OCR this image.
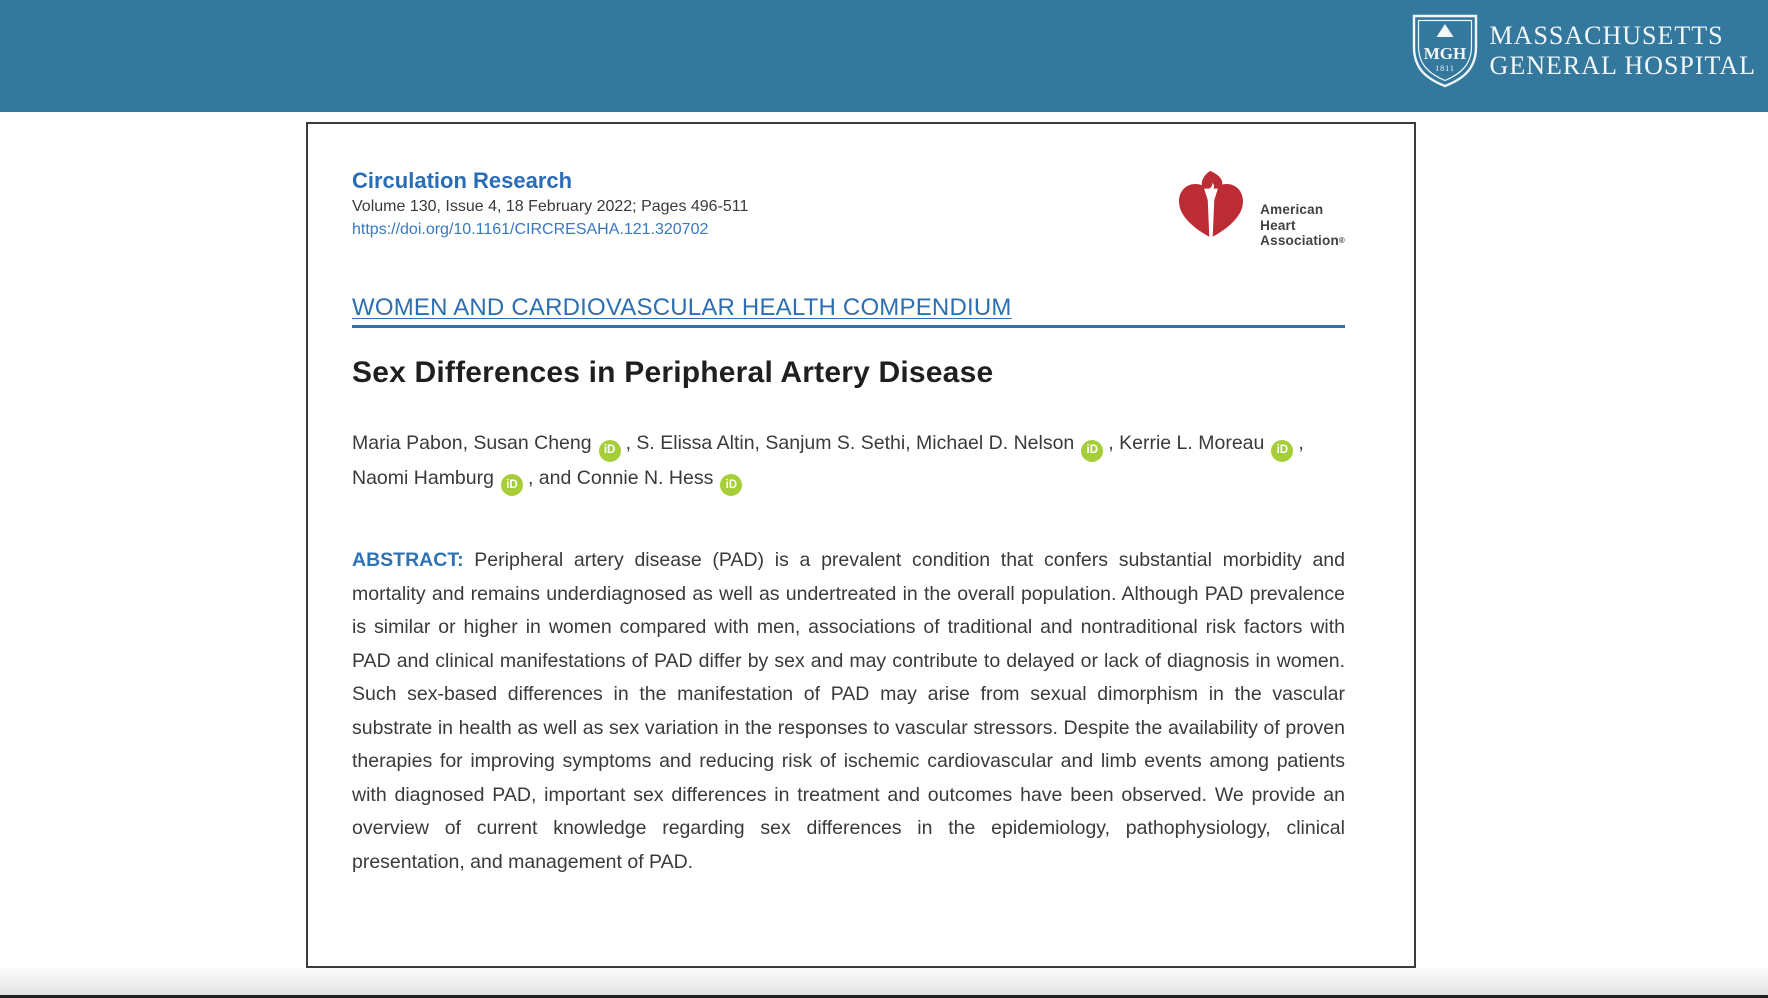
MGH
1811
MASSACHUSETTS
GENERAL HOSPITAL
Circulation Research
Volume 130, Issue 4, 18 February 2022; Pages 496-511
https://doi.org/10.1161/CIRCRESAHA.121.320702
American
Heart
Association®
WOMEN AND CARDIOVASCULAR HEALTH COMPENDIUM
Sex Differences in Peripheral Artery Disease
Maria Pabon, Susan Cheng iD , S. Elissa Altin, Sanjum S. Sethi, Michael D. Nelson iD , Kerrie L. Moreau iD , Naomi Hamburg iD , and Connie N. Hess iD

ABSTRACT: Peripheral artery disease (PAD) is a prevalent condition that confers substantial morbidity and mortality and remains underdiagnosed as well as undertreated in the overall population. Although PAD prevalence is similar or higher in women compared with men, associations of traditional and nontraditional risk factors with PAD and clinical manifestations of PAD differ by sex and may contribute to delayed or lack of diagnosis in women. Such sex-based differences in the manifestation of PAD may arise from sexual dimorphism in the vascular substrate in health as well as sex variation in the responses to vascular stressors. Despite the availability of proven therapies for improving symptoms and reducing risk of ischemic cardiovascular and limb events among patients with diagnosed PAD, important sex differences in treatment and outcomes have been observed. We provide an overview of current knowledge regarding sex differences in the epidemiology, pathophysiology, clinical presentation, and management of PAD.
